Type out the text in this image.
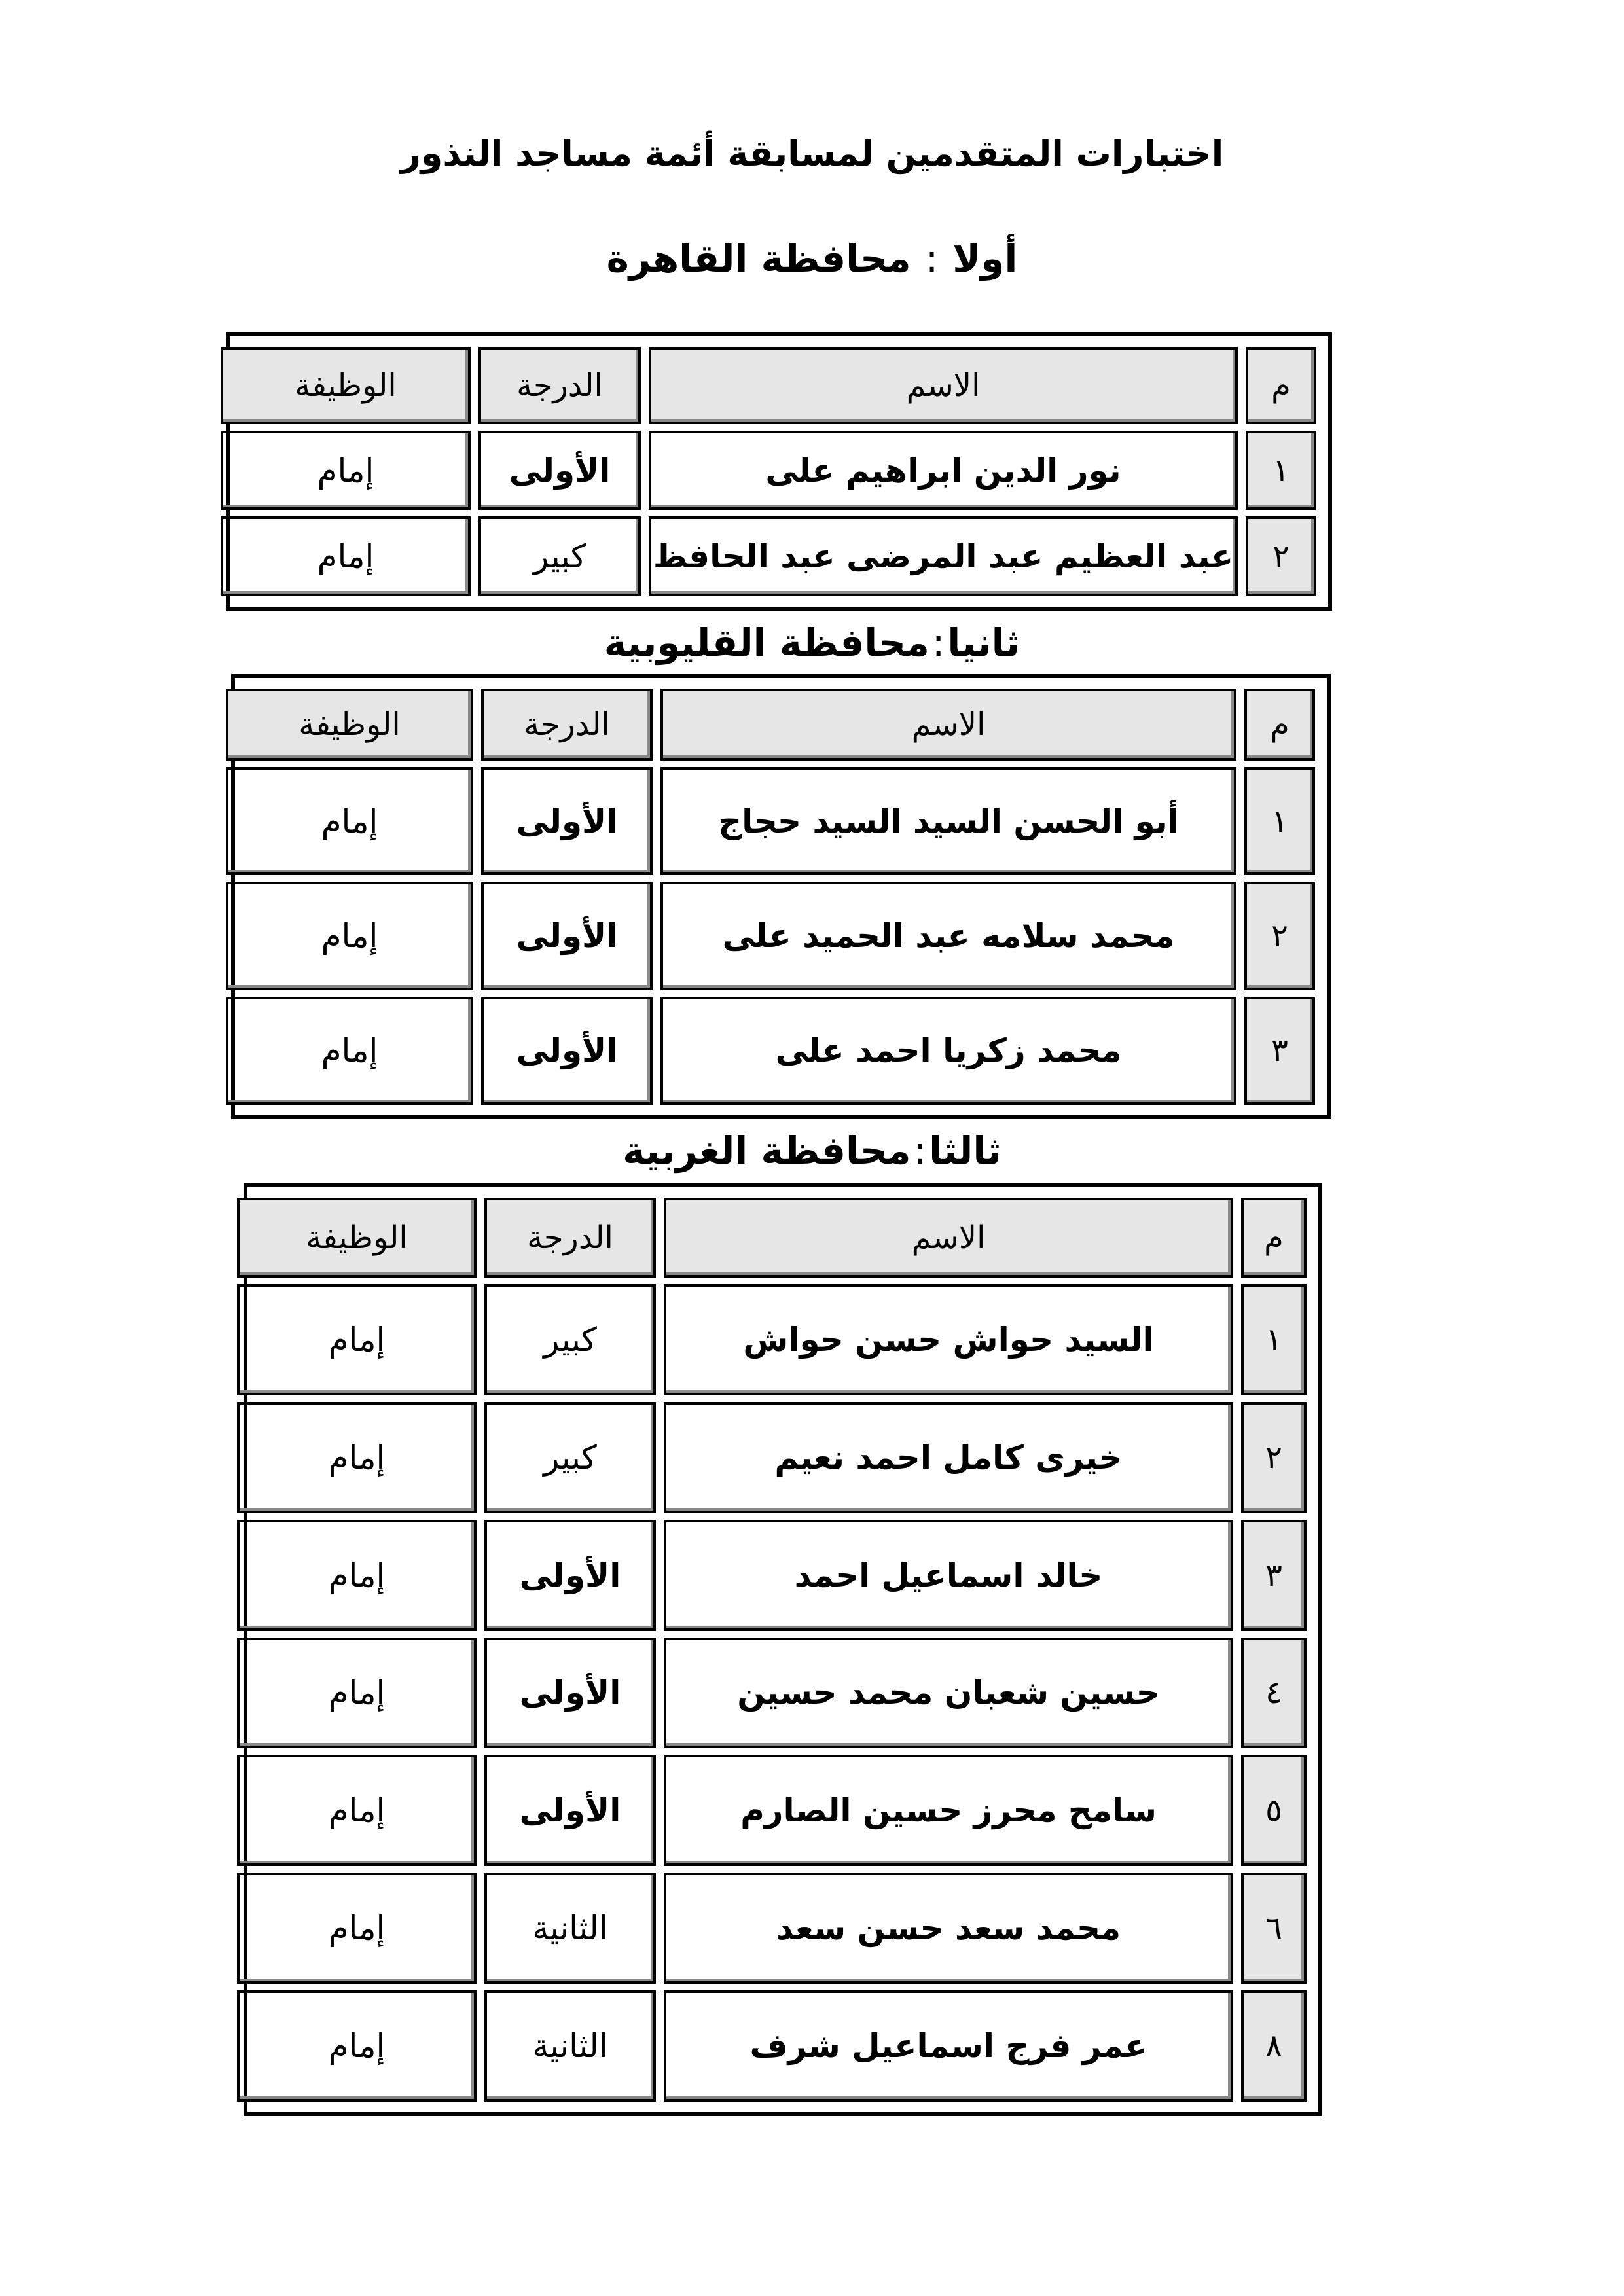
اختبارات المتقدمين لمسابقة أئمة مساجد النذور
أولا:محافظة القاهرة
م	الاسم	الدرجة	الوظيفة
١	نور الدين ابراهيم على	الأولى	إمام
٢	عبد العظيم عبد المرضى عبد الحافظ	كبير	إمام
ثانيا:محافظة القليوبية
م	الاسم	الدرجة	الوظيفة
١	أبو الحسن السيد السيد حجاج	الأولى	إمام
٢	محمد سلامه عبد الحميد على	الأولى	إمام
٣	محمد زكريا احمد على	الأولى	إمام
ثالثا:محافظة الغربية
م	الاسم	الدرجة	الوظيفة
١	السيد حواش حسن حواش	كبير	إمام
٢	خيرى كامل احمد نعيم	كبير	إمام
٣	خالد اسماعيل احمد	الأولى	إمام
٤	حسين شعبان محمد حسين	الأولى	إمام
٥	سامح محرز حسين الصارم	الأولى	إمام
٦	محمد سعد حسن سعد	الثانية	إمام
٨	عمر فرج اسماعيل شرف	الثانية	إمام
